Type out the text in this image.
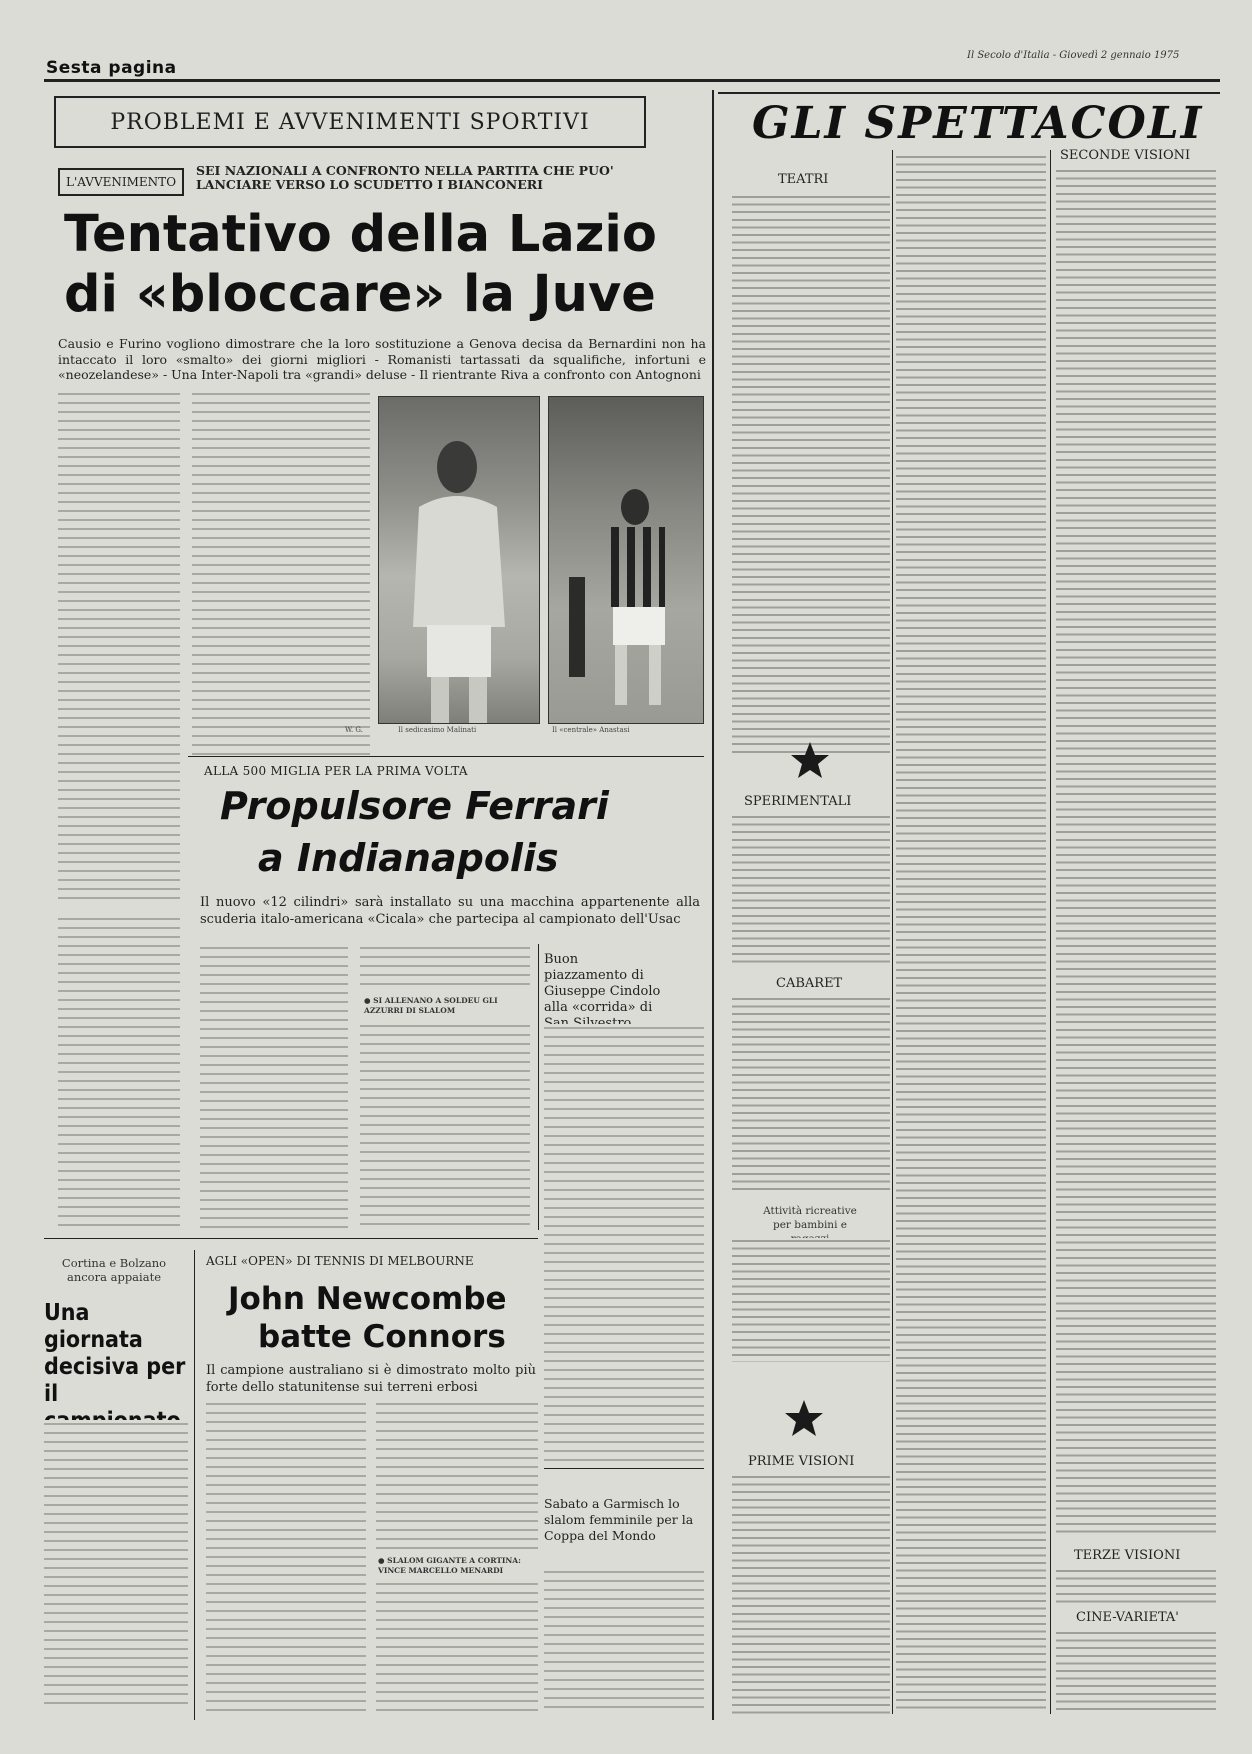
Sesta pagina
Il Secolo d'Italia - Giovedì 2 gennaio 1975
PROBLEMI E AVVENIMENTI SPORTIVI
L'AVVENIMENTO
SEI NAZIONALI A CONFRONTO NELLA PARTITA CHE PUO' LANCIARE VERSO LO SCUDETTO I BIANCONERI
Tentativo della Lazio
di «bloccare» la Juve
Causio e Furino vogliono dimostrare che la loro sostituzione a Genova decisa da Bernardini non ha intaccato il loro «smalto» dei giorni migliori - Romanisti tartassati da squalifiche, infortuni e «neozelandese» - Una Inter-Napoli tra «grandi» deluse - Il rientrante Riva a confronto con Antognoni
W. G.	Il sedicasimo Malinati	Il «centrale» Anastasi
ALLA 500 MIGLIA PER LA PRIMA VOLTA
Propulsore Ferrari
a Indianapolis
Il nuovo «12 cilindri» sarà installato su una macchina appartenente alla scuderia italo-americana «Cicala» che partecipa al campionato dell'Usac
● SI ALLENANO A SOLDEU GLI AZZURRI DI SLALOM
Buon piazzamento di Giuseppe Cindolo alla «corrida» di
Cortina e Bolzano ancora appaiate
Una giornata decisiva per il
AGLI «OPEN» DI TENNIS DI MELBOURNE
John Newcombe
batte Connors
Il campione australiano si è dimostrato molto più forte dello statunitense sui terreni erbosi
● SLALOM GIGANTE A CORTINA: VINCE MARCELLO MENARDI
Sabato a Garmisch lo slalom femminile per la Coppa del Mondo
GLI SPETTACOLI
TEATRI
SPERIMENTALI
CABARET
Attività ricreative per bambini e
PRIME VISIONI
SECONDE VISIONI
TERZE VISIONI
CINE-VARIETA'
